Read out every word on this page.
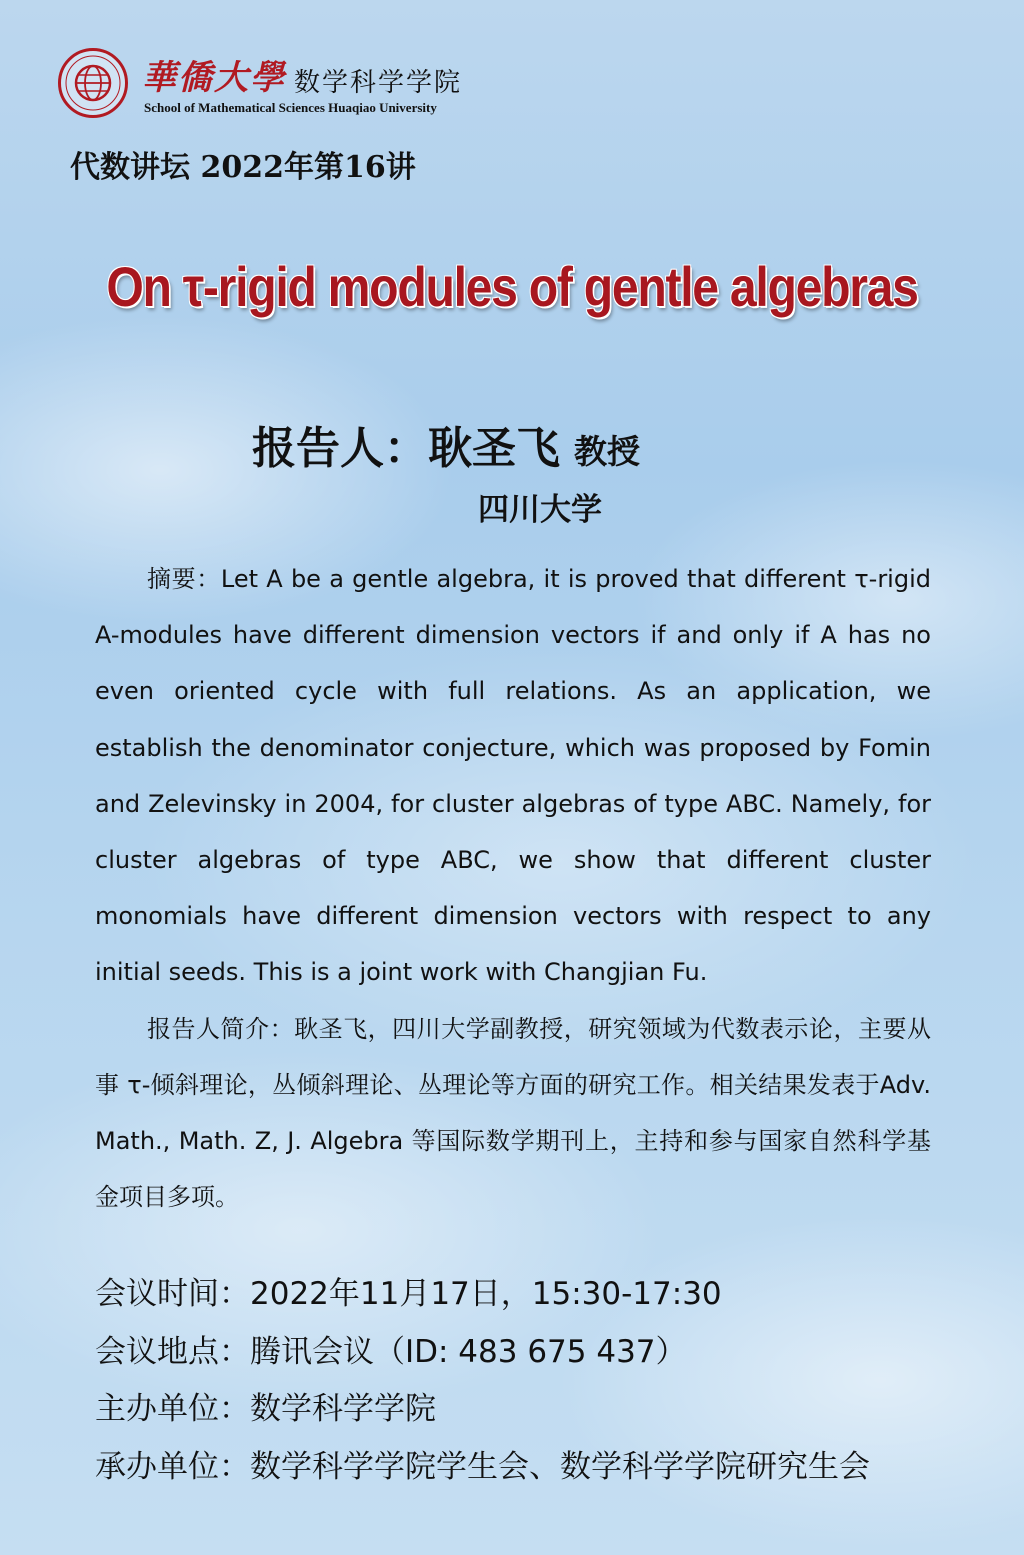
華僑大學 数学科学学院
School of Mathematical Sciences Huaqiao University
代数讲坛 2022年第16讲
On τ-rigid modules of gentle algebras
报告人：耿圣飞 教授
四川大学

摘要：Let A be a gentle algebra, it is proved that different τ-rigid A-modules have different dimension vectors if and only if A has no even oriented cycle with full relations. As an application, we establish the denominator conjecture, which was proposed by Fomin and Zelevinsky in 2004, for cluster algebras of type ABC. Namely, for cluster algebras of type ABC, we show that different cluster monomials have different dimension vectors with respect to any initial seeds. This is a joint work with Changjian Fu.

报告人简介：耿圣飞，四川大学副教授，研究领域为代数表示论，主要从事 τ-倾斜理论，丛倾斜理论、丛理论等方面的研究工作。相关结果发表于Adv. Math., Math. Z, J. Algebra 等国际数学期刊上，主持和参与国家自然科学基金项目多项。

会议时间：2022年11月17日，15:30-17:30
会议地点：腾讯会议（ID: 483 675 437）
主办单位：数学科学学院
承办单位：数学科学学院学生会、数学科学学院研究生会
